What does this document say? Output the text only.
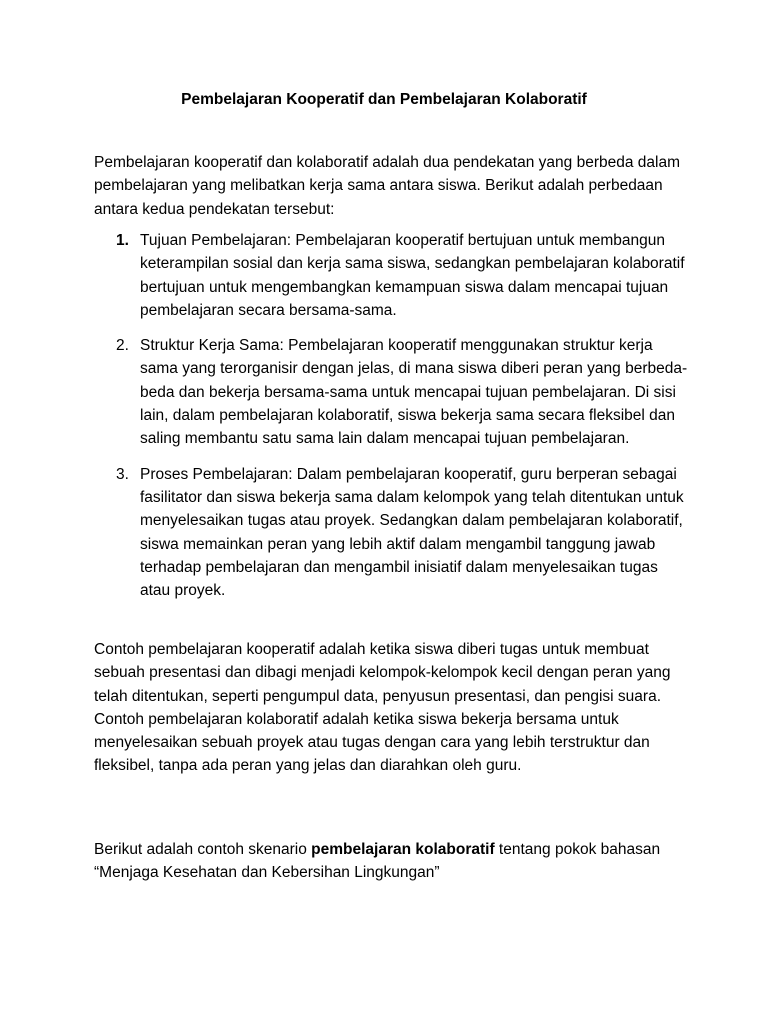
Pembelajaran Kooperatif dan Pembelajaran Kolaboratif

Pembelajaran kooperatif dan kolaboratif adalah dua pendekatan yang berbeda dalam pembelajaran yang melibatkan kerja sama antara siswa. Berikut adalah perbedaan antara kedua pendekatan tersebut:

1. Tujuan Pembelajaran: Pembelajaran kooperatif bertujuan untuk membangun keterampilan sosial dan kerja sama siswa, sedangkan pembelajaran kolaboratif bertujuan untuk mengembangkan kemampuan siswa dalam mencapai tujuan pembelajaran secara bersama-sama.
2. Struktur Kerja Sama: Pembelajaran kooperatif menggunakan struktur kerja sama yang terorganisir dengan jelas, di mana siswa diberi peran yang berbeda-beda dan bekerja bersama-sama untuk mencapai tujuan pembelajaran. Di sisi lain, dalam pembelajaran kolaboratif, siswa bekerja sama secara fleksibel dan saling membantu satu sama lain dalam mencapai tujuan pembelajaran.
3. Proses Pembelajaran: Dalam pembelajaran kooperatif, guru berperan sebagai fasilitator dan siswa bekerja sama dalam kelompok yang telah ditentukan untuk menyelesaikan tugas atau proyek. Sedangkan dalam pembelajaran kolaboratif, siswa memainkan peran yang lebih aktif dalam mengambil tanggung jawab terhadap pembelajaran dan mengambil inisiatif dalam menyelesaikan tugas atau proyek.

Contoh pembelajaran kooperatif adalah ketika siswa diberi tugas untuk membuat sebuah presentasi dan dibagi menjadi kelompok-kelompok kecil dengan peran yang telah ditentukan, seperti pengumpul data, penyusun presentasi, dan pengisi suara. Contoh pembelajaran kolaboratif adalah ketika siswa bekerja bersama untuk menyelesaikan sebuah proyek atau tugas dengan cara yang lebih terstruktur dan fleksibel, tanpa ada peran yang jelas dan diarahkan oleh guru.

Berikut adalah contoh skenario pembelajaran kolaboratif tentang pokok bahasan “Menjaga Kesehatan dan Kebersihan Lingkungan”
